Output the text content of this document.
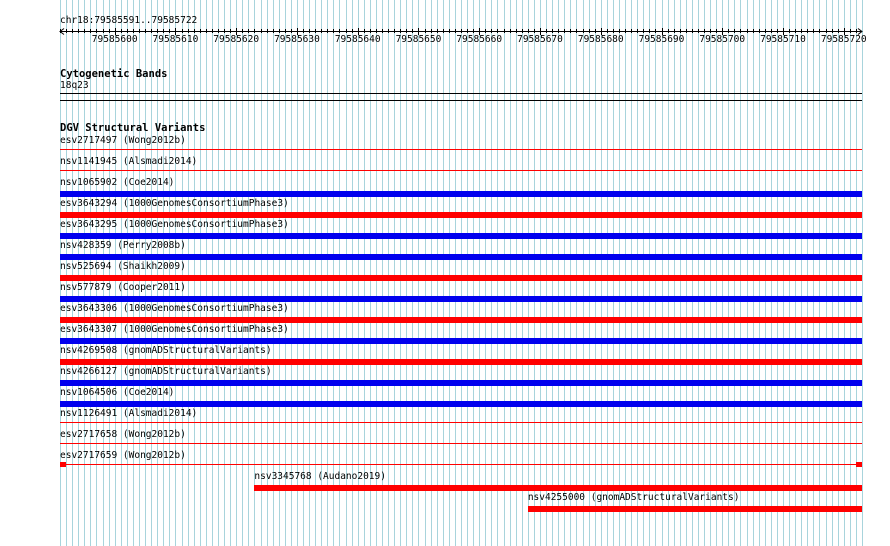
chr18:79585591..79585722
79585600	79585610	79585620	79585630	79585640	79585650	79585660	79585670	79585680	79585690	79585700	79585710	79585720
Cytogenetic Bands
18q23
DGV Structural Variants
esv2717497 (Wong2012b)
nsv1141945 (Alsmadi2014)
nsv1065902 (Coe2014)
esv3643294 (1000GenomesConsortiumPhase3)
esv3643295 (1000GenomesConsortiumPhase3)
nsv428359 (Perry2008b)
nsv525694 (Shaikh2009)
nsv577879 (Cooper2011)
esv3643306 (1000GenomesConsortiumPhase3)
esv3643307 (1000GenomesConsortiumPhase3)
nsv4269508 (gnomADStructuralVariants)
nsv4266127 (gnomADStructuralVariants)
nsv1064506 (Coe2014)
nsv1126491 (Alsmadi2014)
esv2717658 (Wong2012b)
esv2717659 (Wong2012b)
nsv3345768 (Audano2019)
nsv4255000 (gnomADStructuralVariants)
